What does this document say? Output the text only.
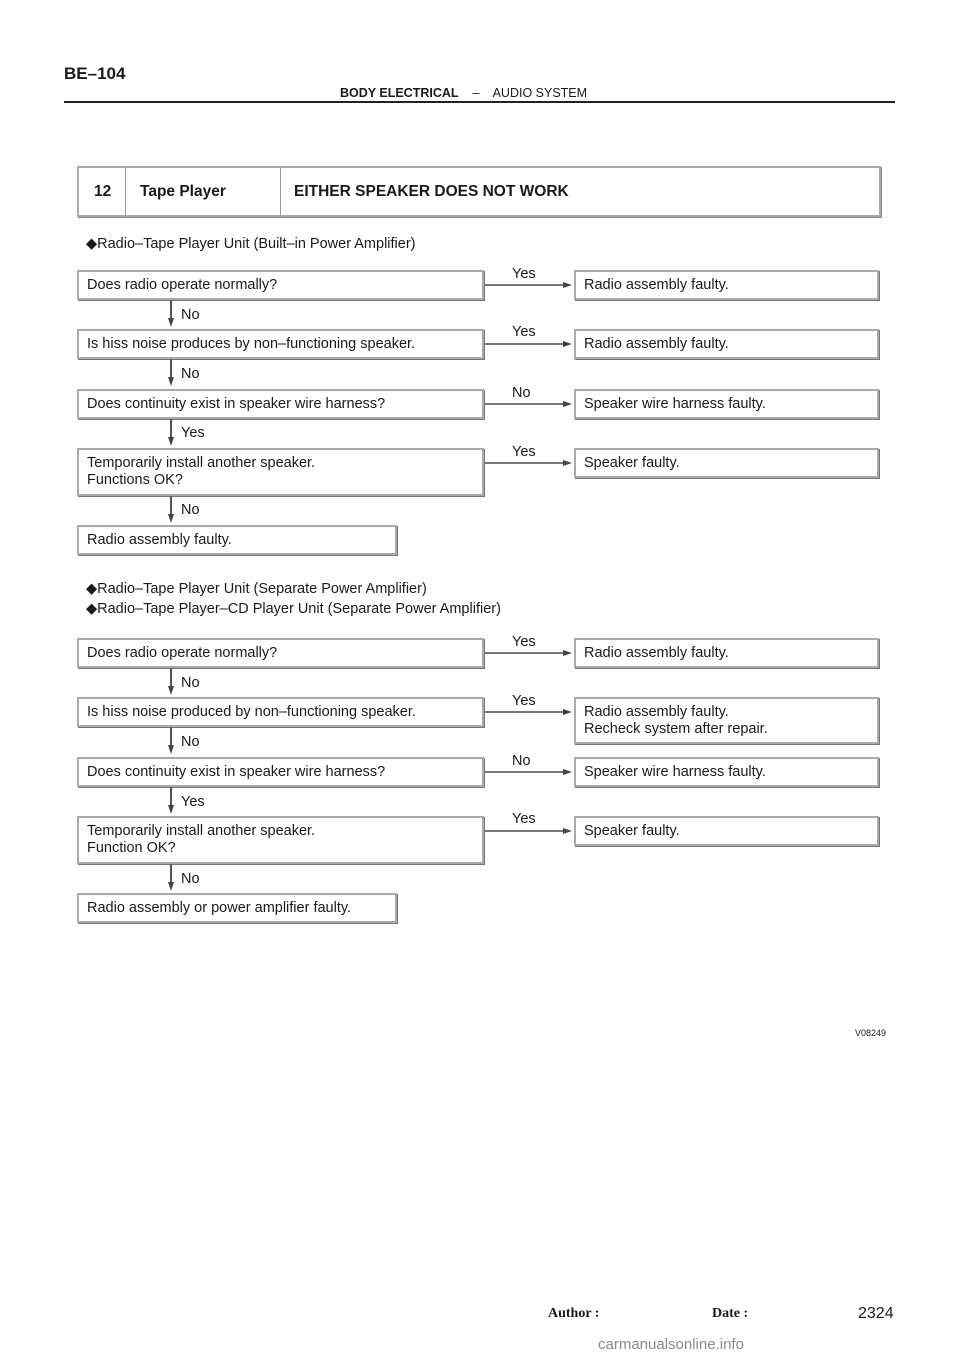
BE–104
BODY ELECTRICAL – AUDIO SYSTEM
12 Tape Player	EITHER SPEAKER DOES NOT WORK
◆Radio–Tape Player Unit (Built–in Power Amplifier)
Does radio operate normally?
Yes
Radio assembly faulty.
No
Is hiss noise produces by non–functioning speaker.
Yes
Radio assembly faulty.
No
Does continuity exist in speaker wire harness?
No
Speaker wire harness faulty.
Yes
Temporarily install another speaker.
Functions OK?
Yes
Speaker faulty.
No
Radio assembly faulty.
◆Radio–Tape Player Unit (Separate Power Amplifier)
◆Radio–Tape Player–CD Player Unit (Separate Power Amplifier)
Does radio operate normally?
Yes
Radio assembly faulty.
No
Is hiss noise produced by non–functioning speaker.
Yes
Radio assembly faulty.
Recheck system after repair.
No
Does continuity exist in speaker wire harness?
No
Speaker wire harness faulty.
Yes
Temporarily install another speaker.
Function OK?
Yes
Speaker faulty.
No
Radio assembly or power amplifier faulty.
V08249
Author :	Date :	2324
carmanualsonline.info
